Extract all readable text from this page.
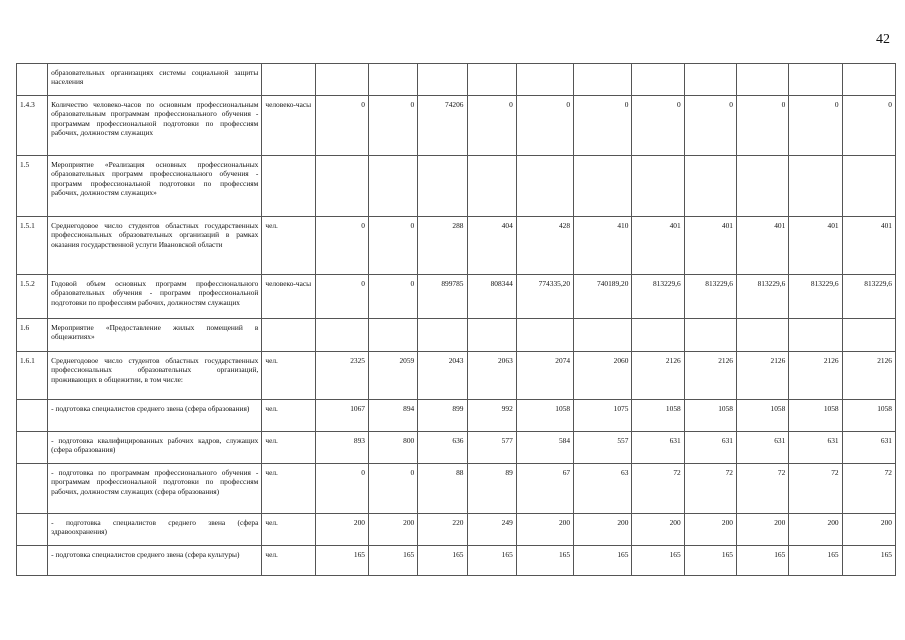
42
	образовательных организациях системы социальной защиты населения												
1.4.3	Количество человеко-часов по основным профессиональным образовательным программам профессионального обучения - программам профессиональной подготовки по профессиям рабочих, должностям служащих	человеко-часы	0	0	74206	0	0	0	0	0	0	0	0
1.5	Мероприятие «Реализация основных профессиональных образовательных программ профессионального обучения - программ профессиональной подготовки по профессиям рабочих, должностям служащих»												
1.5.1	Среднегодовое число студентов областных государственных профессиональных образовательных организаций в рамках оказания государственной услуги Ивановской области	чел.	0	0	288	404	428	410	401	401	401	401	401
1.5.2	Годовой объем основных программ профессионального образовательных обучения - программ профессиональной подготовки по профессиям рабочих, должностям служащих	человеко-часы	0	0	899785	808344	774335,20	740189,20	813229,6	813229,6	813229,6	813229,6	813229,6
1.6	Мероприятие «Предоставление жилых помещений в общежитиях»												
1.6.1	Среднегодовое число студентов областных государственных профессиональных образовательных организаций, проживающих в общежитии, в том числе:	чел.	2325	2059	2043	2063	2074	2060	2126	2126	2126	2126	2126
	- подготовка специалистов среднего звена (сфера образования)	чел.	1067	894	899	992	1058	1075	1058	1058	1058	1058	1058
	- подготовка квалифицированных рабочих кадров, служащих (сфера образования)	чел.	893	800	636	577	584	557	631	631	631	631	631
	- подготовка по программам профессионального обучения - программам профессиональной подготовки по профессиям рабочих, должностям служащих (сфера образования)	чел.	0	0	88	89	67	63	72	72	72	72	72
	- подготовка специалистов среднего звена (сфера здравоохранения)	чел.	200	200	220	249	200	200	200	200	200	200	200
	- подготовка специалистов среднего звена (сфера культуры)	чел.	165	165	165	165	165	165	165	165	165	165	165
